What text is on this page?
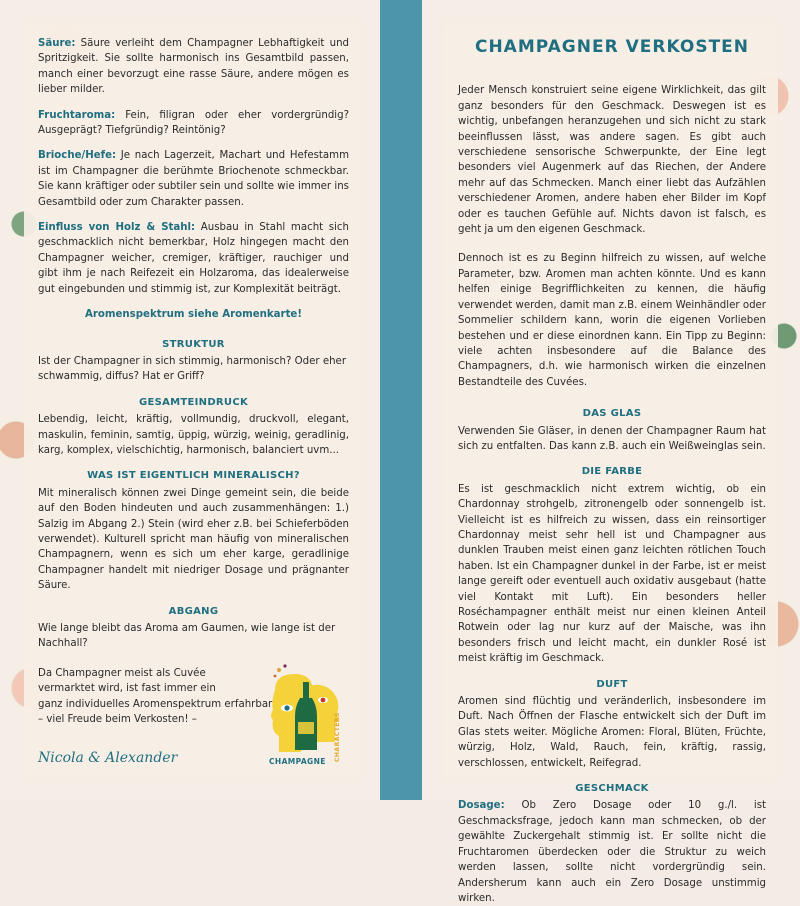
Säure: Säure verleiht dem Champagner Lebhaftigkeit und Spritzigkeit. Sie sollte harmonisch ins Gesamtbild passen, manch einer bevorzugt eine rasse Säure, andere mögen es lieber milder.

Fruchtaroma: Fein, filigran oder eher vordergründig? Ausgeprägt? Tiefgründig? Reintönig?

Brioche/Hefe: Je nach Lagerzeit, Machart und Hefestamm ist im Champagner die berühmte Briochenote schmeckbar. Sie kann kräftiger oder subtiler sein und sollte wie immer ins Gesamtbild oder zum Charakter passen.

Einfluss von Holz & Stahl: Ausbau in Stahl macht sich geschmacklich nicht bemerkbar, Holz hingegen macht den Champagner weicher, cremiger, kräftiger, rauchiger und gibt ihm je nach Reifezeit ein Holzaroma, das idealerweise gut eingebunden und stimmig ist, zur Komplexität beiträgt.

Aromenspektrum siehe Aromenkarte!
STRUKTUR

Ist der Champagner in sich stimmig, harmonisch? Oder eher schwammig, diffus? Hat er Griff?

GESAMTEINDRUCK

Lebendig, leicht, kräftig, vollmundig, druckvoll, elegant, maskulin, feminin, samtig, üppig, würzig, weinig, geradlinig, karg, komplex, vielschichtig, harmonisch, balanciert uvm...

WAS IST EIGENTLICH MINERALISCH?

Mit mineralisch können zwei Dinge gemeint sein, die beide auf den Boden hindeuten und auch zusammenhängen: 1.) Salzig im Abgang 2.) Stein (wird eher z.B. bei Schieferböden verwendet). Kulturell spricht man häufig von mineralischen Champagnern, wenn es sich um eher karge, geradlinige Champagner handelt mit niedriger Dosage und prägnanter Säure.

ABGANG

Wie lange bleibt das Aroma am Gaumen, wie lange ist der Nachhall?

Da Champagner meist als Cuvée
vermarktet wird, ist fast immer ein
ganz individuelles Aromenspektrum erfahrbar
– viel Freude beim Verkosten! –
Nicola & Alexander	CHAMPAGNE CHARACTERS
CHAMPAGNER VERKOSTEN

Jeder Mensch konstruiert seine eigene Wirklichkeit, das gilt ganz besonders für den Geschmack. Deswegen ist es wichtig, unbefangen heranzugehen und sich nicht zu stark beeinflussen lässt, was andere sagen. Es gibt auch verschiedene sensorische Schwerpunkte, der Eine legt besonders viel Augenmerk auf das Riechen, der Andere mehr auf das Schmecken. Manch einer liebt das Aufzählen verschiedener Aromen, andere haben eher Bilder im Kopf oder es tauchen Gefühle auf. Nichts davon ist falsch, es geht ja um den eigenen Geschmack.

Dennoch ist es zu Beginn hilfreich zu wissen, auf welche Parameter, bzw. Aromen man achten könnte. Und es kann helfen einige Begrifflichkeiten zu kennen, die häufig verwendet werden, damit man z.B. einem Weinhändler oder Sommelier schildern kann, worin die eigenen Vorlieben bestehen und er diese einordnen kann. Ein Tipp zu Beginn: viele achten insbesondere auf die Balance des Champagners, d.h. wie harmonisch wirken die einzelnen Bestandteile des Cuvées.

DAS GLAS

Verwenden Sie Gläser, in denen der Champagner Raum hat sich zu entfalten. Das kann z.B. auch ein Weißweinglas sein.

DIE FARBE

Es ist geschmacklich nicht extrem wichtig, ob ein Chardonnay strohgelb, zitronengelb oder sonnengelb ist. Vielleicht ist es hilfreich zu wissen, dass ein reinsortiger Chardonnay meist sehr hell ist und Champagner aus dunklen Trauben meist einen ganz leichten rötlichen Touch haben. Ist ein Champagner dunkel in der Farbe, ist er meist lange gereift oder eventuell auch oxidativ ausgebaut (hatte viel Kontakt mit Luft). Ein besonders heller Roséchampagner enthält meist nur einen kleinen Anteil Rotwein oder lag nur kurz auf der Maische, was ihn besonders frisch und leicht macht, ein dunkler Rosé ist meist kräftig im Geschmack.

DUFT

Aromen sind flüchtig und veränderlich, insbesondere im Duft. Nach Öffnen der Flasche entwickelt sich der Duft im Glas stets weiter. Mögliche Aromen: Floral, Blüten, Früchte, würzig, Holz, Wald, Rauch, fein, kräftig, rassig, verschlossen, entwickelt, Reifegrad.

GESCHMACK

Dosage: Ob Zero Dosage oder 10 g./l. ist Geschmacksfrage, jedoch kann man schmecken, ob der gewählte Zuckergehalt stimmig ist. Er sollte nicht die Fruchtaromen überdecken oder die Struktur zu weich werden lassen, sollte nicht vordergründig sein. Andersherum kann auch ein Zero Dosage unstimmig wirken.
